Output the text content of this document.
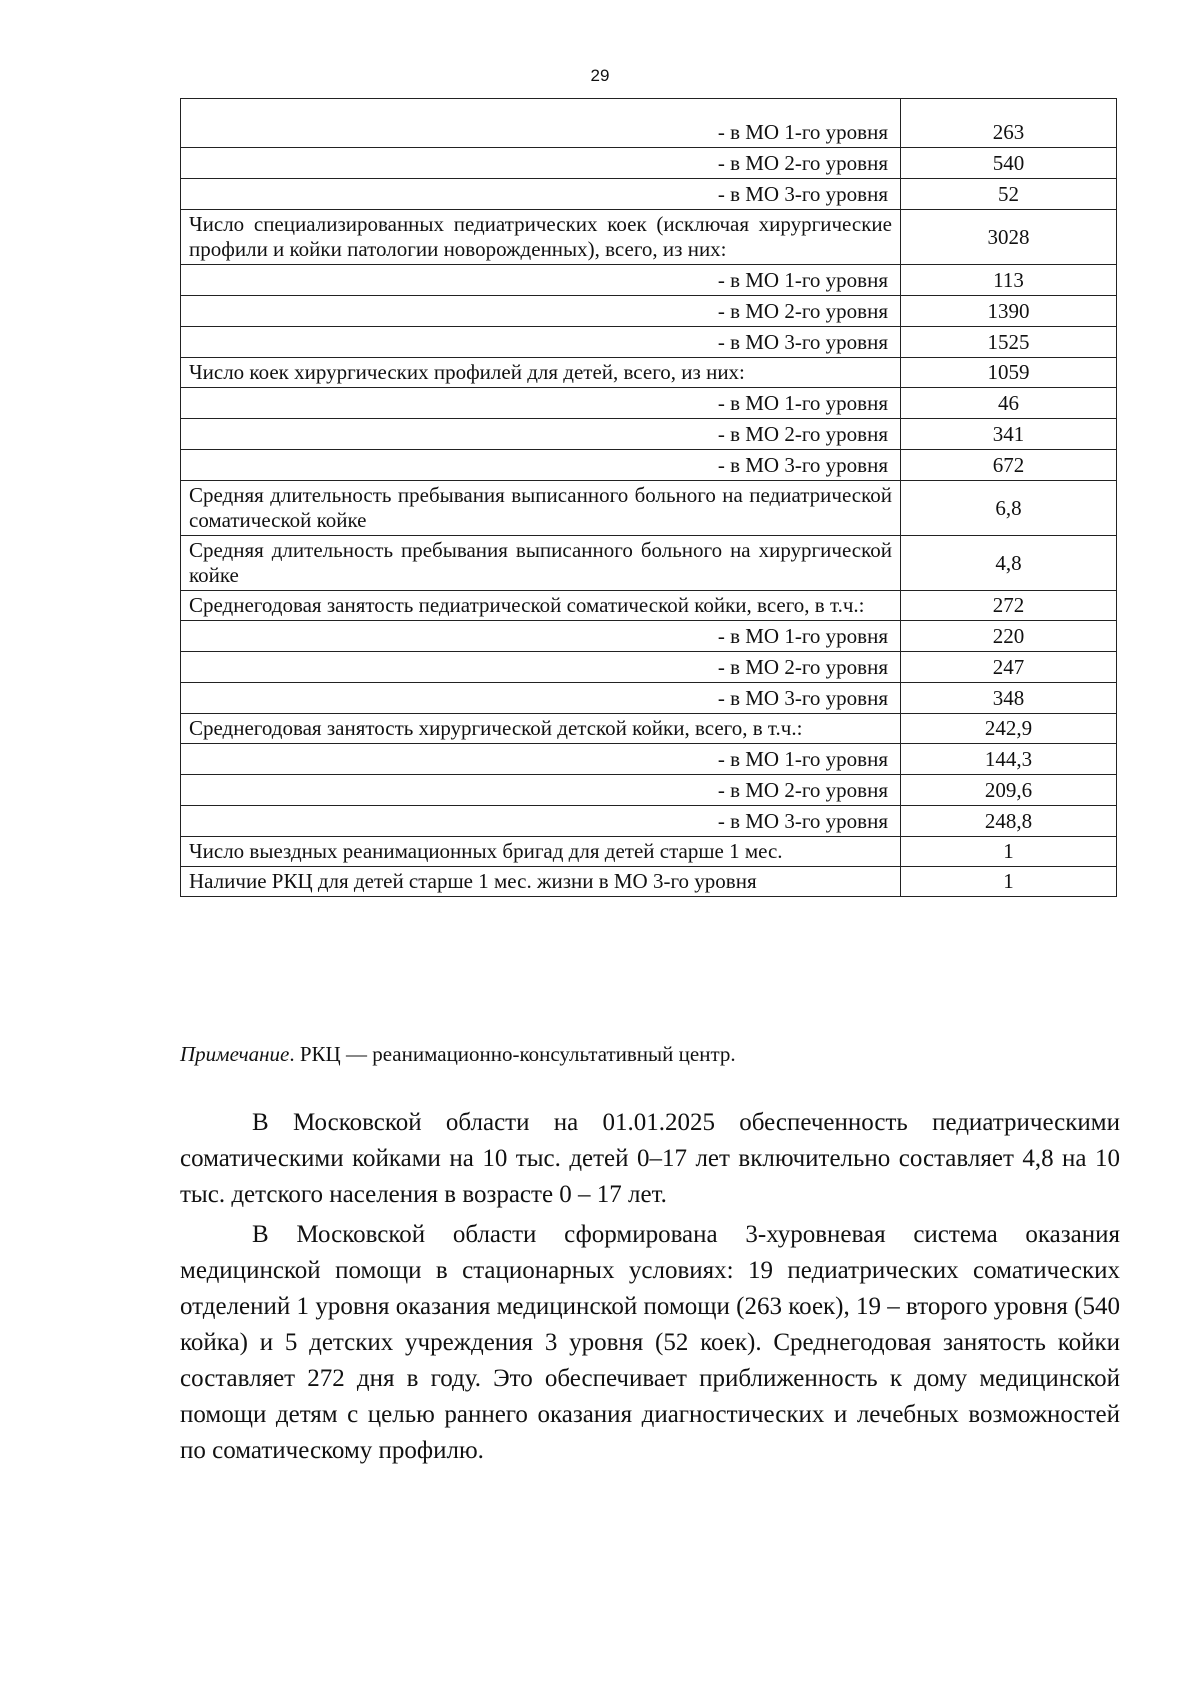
29
- в МО 1-го уровня	263
- в МО 2-го уровня	540
- в МО 3-го уровня	52
Число специализированных педиатрических коек (исключая хирургические профили и койки патологии новорожденных), всего, из них:	3028
- в МО 1-го уровня	113
- в МО 2-го уровня	1390
- в МО 3-го уровня	1525
Число коек хирургических профилей для детей, всего, из них:	1059
- в МО 1-го уровня	46
- в МО 2-го уровня	341
- в МО 3-го уровня	672
Средняя длительность пребывания выписанного больного на педиатрической соматической койке	6,8
Средняя длительность пребывания выписанного больного на хирургической койке	4,8
Среднегодовая занятость педиатрической соматической койки, всего, в т.ч.:	272
- в МО 1-го уровня	220
- в МО 2-го уровня	247
- в МО 3-го уровня	348
Среднегодовая занятость хирургической детской койки, всего, в т.ч.:	242,9
- в МО 1-го уровня	144,3
- в МО 2-го уровня	209,6
- в МО 3-го уровня	248,8
Число выездных реанимационных бригад для детей старше 1 мес.	1
Наличие РКЦ для детей старше 1 мес. жизни в МО 3-го уровня	1
Примечание. РКЦ — реанимационно-консультативный центр.

В Московской области на 01.01.2025 обеспеченность педиатрическими соматическими койками на 10 тыс. детей 0–17 лет включительно составляет 4,8 на 10 тыс. детского населения в возрасте 0 – 17 лет.

В Московской области сформирована 3-хуровневая система оказания медицинской помощи в стационарных условиях: 19 педиатрических соматических отделений 1 уровня оказания медицинской помощи (263 коек), 19 – второго уровня (540 койка) и 5 детских учреждения 3 уровня (52 коек). Среднегодовая занятость койки составляет 272 дня в году. Это обеспечивает приближенность к дому медицинской помощи детям с целью раннего оказания диагностических и лечебных возможностей по соматическому профилю.
